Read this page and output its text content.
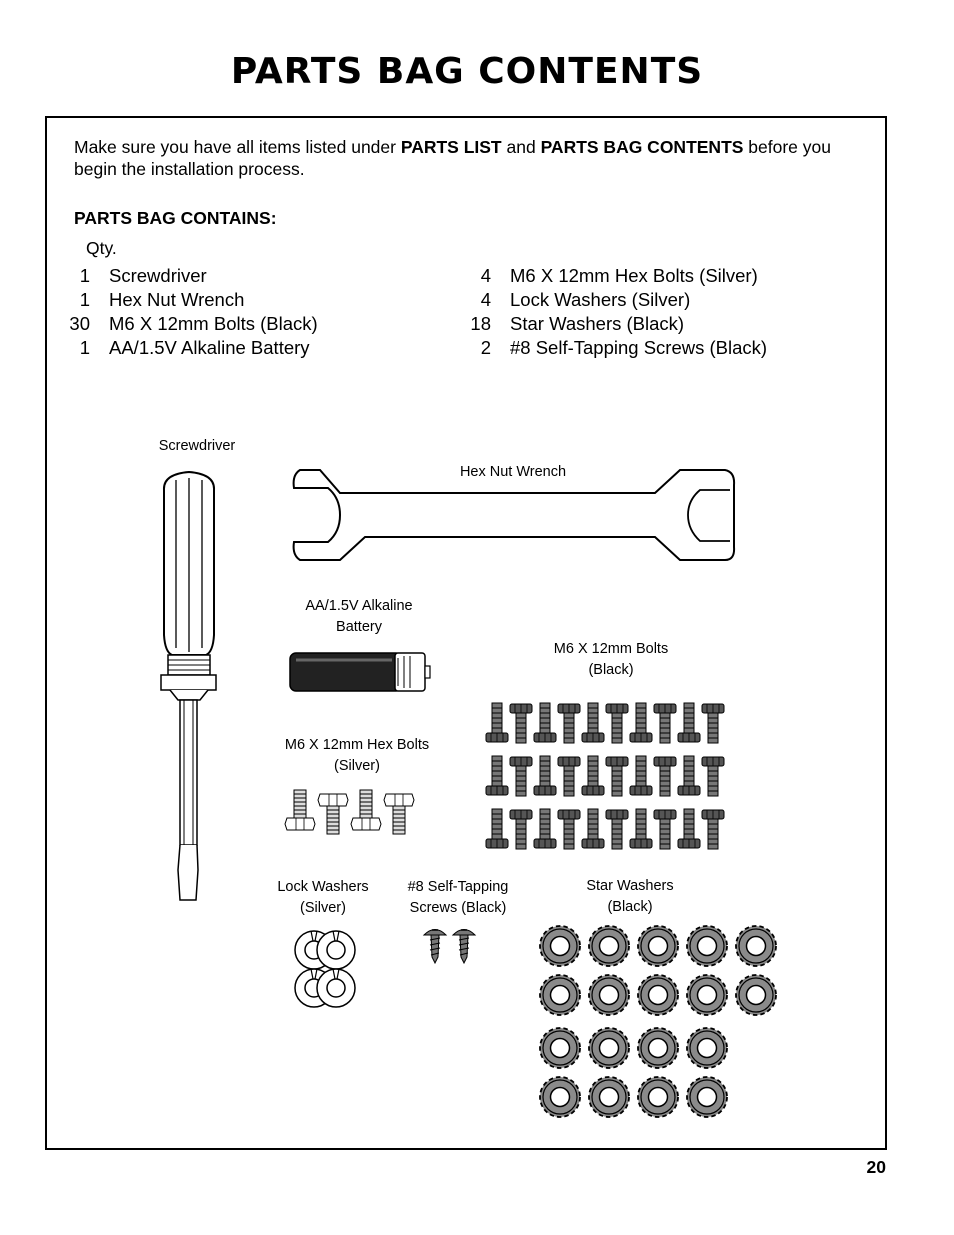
PARTS BAG CONTENTS
Make sure you have all items listed under PARTS LIST and PARTS BAG CONTENTS before you begin the installation process.
PARTS BAG CONTAINS:
Qty.
1 Screwdriver
1 Hex Nut Wrench
30 M6 X 12mm Bolts (Black)
1 AA/1.5V Alkaline Battery
4 M6 X 12mm Hex Bolts (Silver)
4 Lock Washers (Silver)
18 Star Washers (Black)
2 #8 Self-Tapping Screws (Black)
Screwdriver
Hex Nut Wrench
AA/1.5V Alkaline
Battery
M6 X 12mm Bolts
(Black)
M6 X 12mm Hex Bolts
(Silver)
Lock Washers
(Silver)
#8 Self-Tapping
Screws (Black)
Star Washers
(Black)
20
